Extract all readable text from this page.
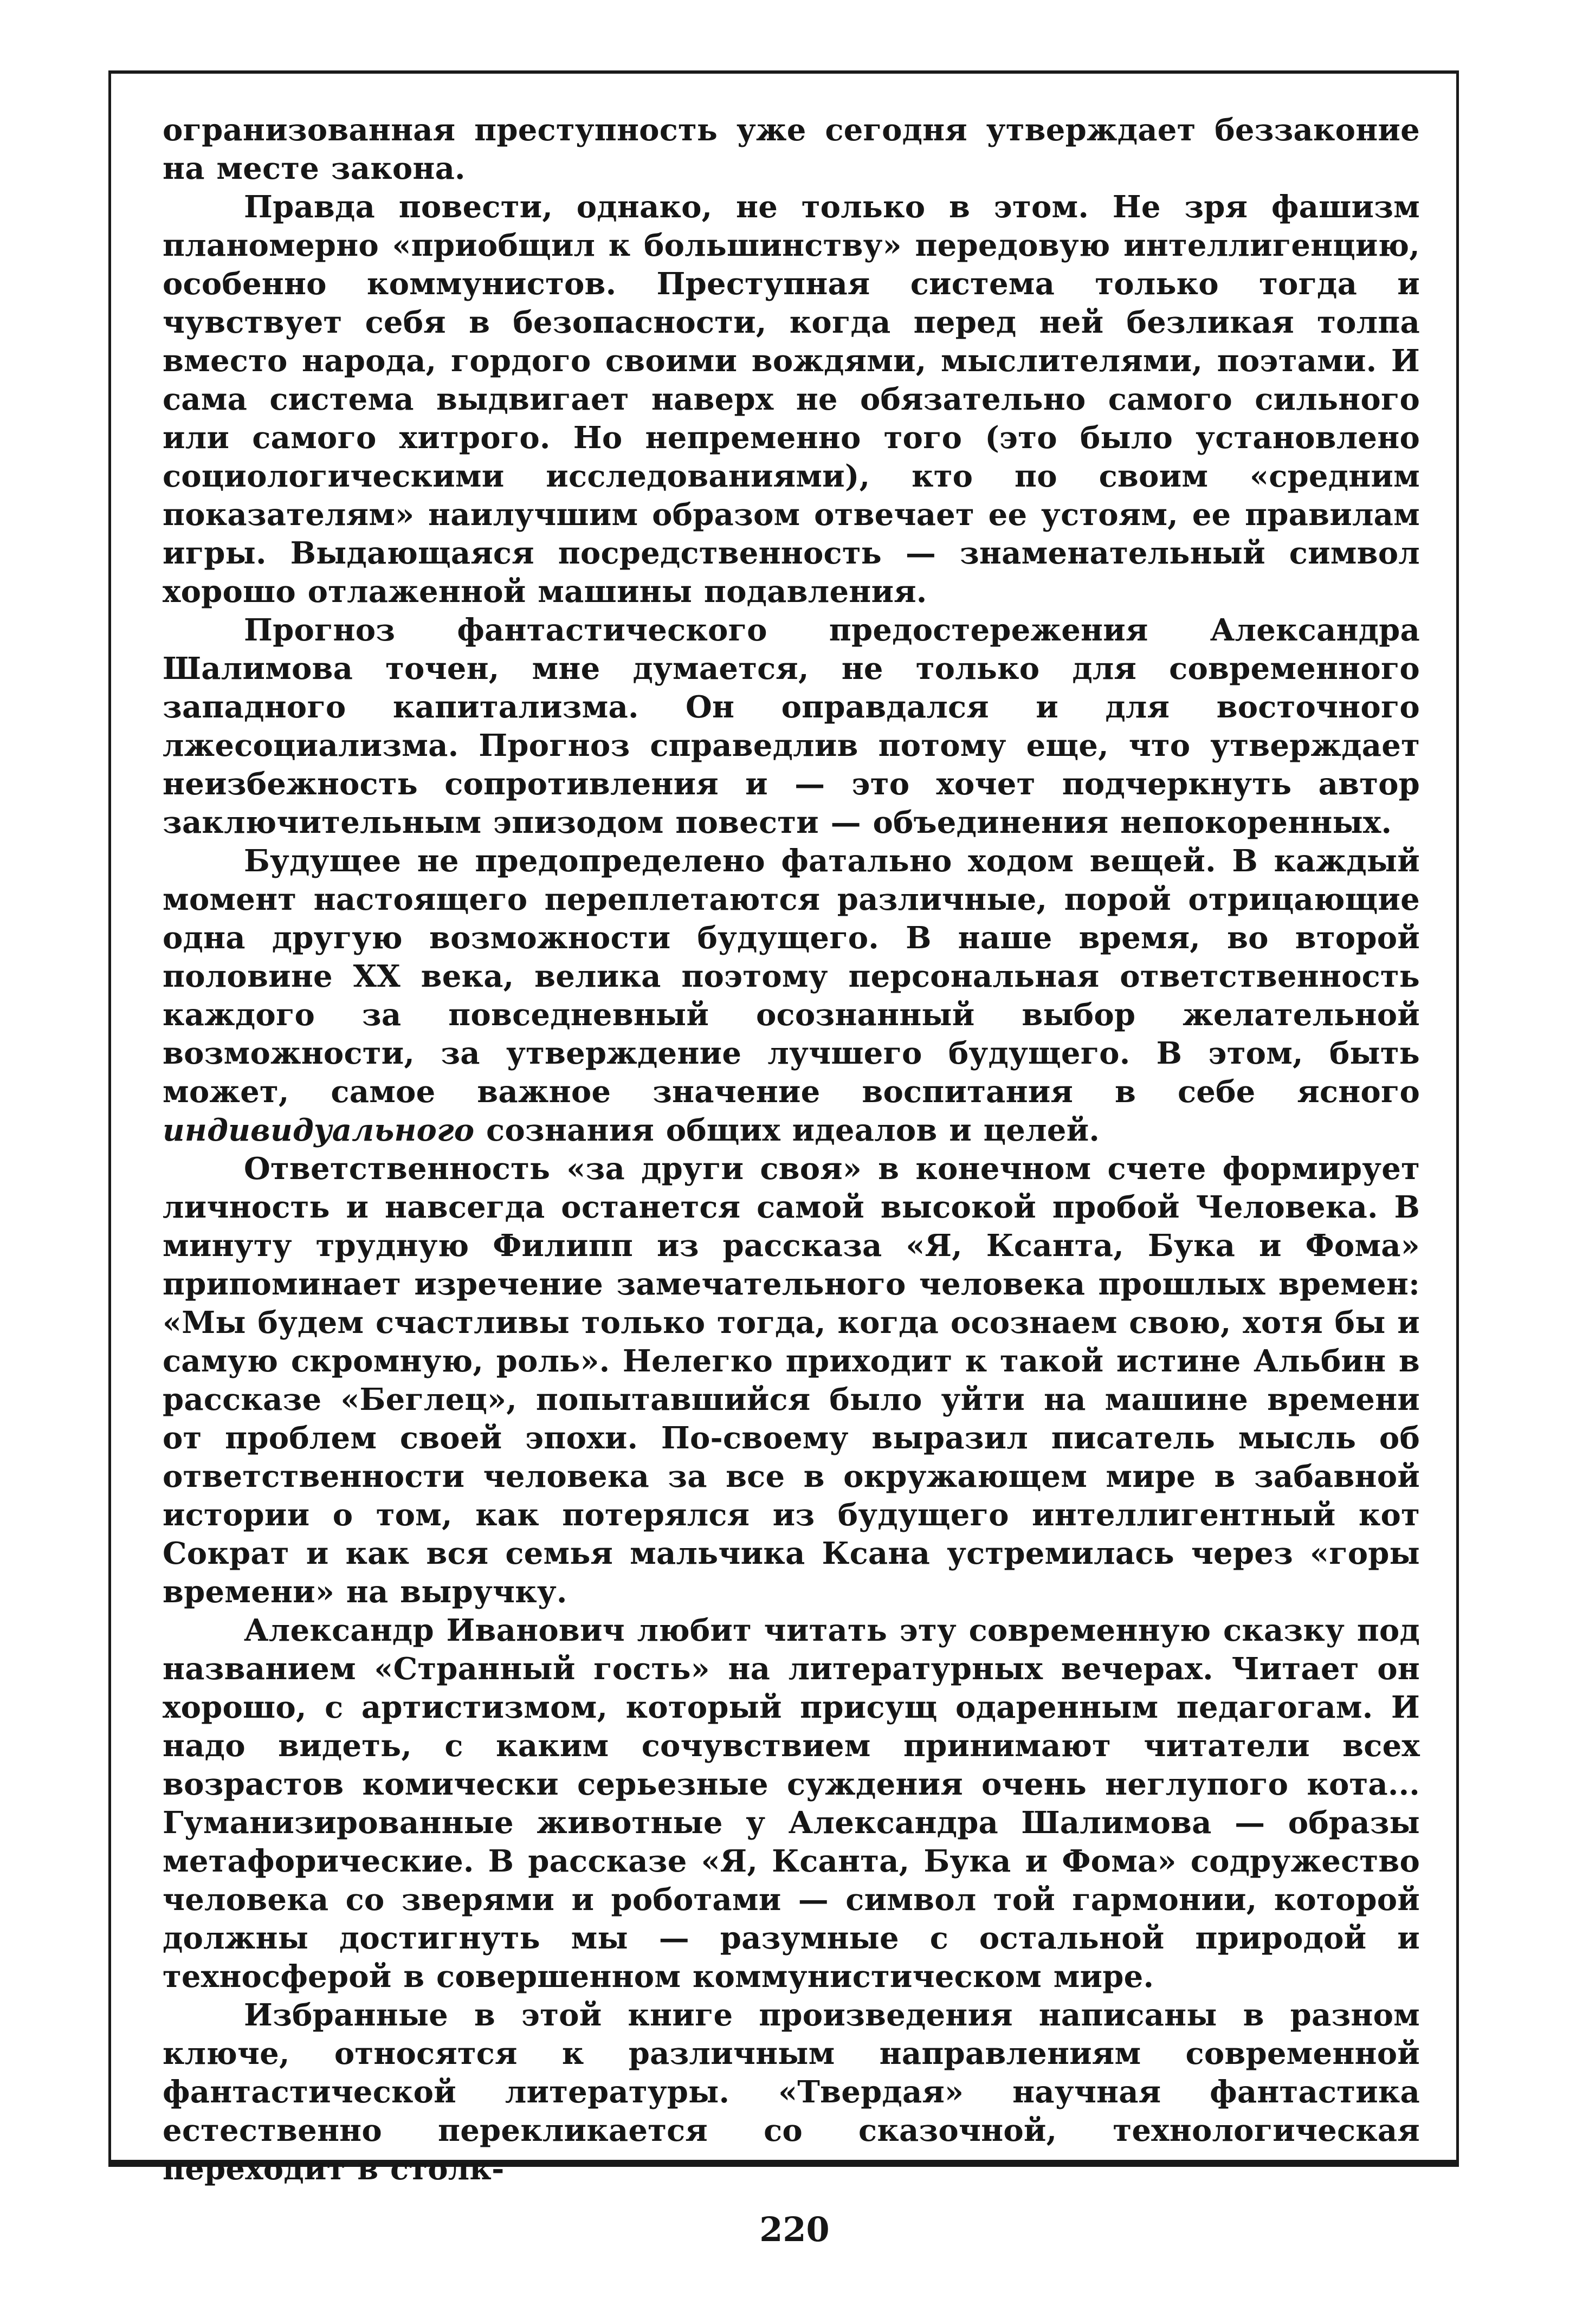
огранизованная преступность уже сегодня утверждает беззаконие на месте закона.

Правда повести, однако, не только в этом. Не зря фашизм планомерно «приобщил к большинству» передовую интеллигенцию, особенно коммунистов. Преступная система только тогда и чувствует себя в безопасности, когда перед ней безликая толпа вместо народа, гордого своими вождями, мыслителями, поэтами. И сама система выдвигает наверх не обязательно самого сильного или самого хитрого. Но непременно того (это было установлено социологическими исследованиями), кто по своим «средним показателям» наилучшим образом отвечает ее устоям, ее правилам игры. Выдающаяся посредственность — знаменательный символ хорошо отлаженной машины подавления.

Прогноз фантастического предостережения Александра Шалимова точен, мне думается, не только для современного западного капитализма. Он оправдался и для восточного лжесоциализма. Прогноз справедлив потому еще, что утверждает неизбежность сопротивления и — это хочет подчеркнуть автор заключительным эпизодом повести — объединения непокоренных.

Будущее не предопределено фатально ходом вещей. В каждый момент настоящего переплетаются различные, порой отрицающие одна другую возможности будущего. В наше время, во второй половине XX века, велика поэтому персональная ответственность каждого за повседневный осознанный выбор желательной возможности, за утверждение лучшего будущего. В этом, быть может, самое важное значение воспитания в себе ясного индивидуального сознания общих идеалов и целей.

Ответственность «за други своя» в конечном счете формирует личность и навсегда останется самой высокой пробой Человека. В минуту трудную Филипп из рассказа «Я, Ксанта, Бука и Фома» припоминает изречение замечательного человека прошлых времен: «Мы будем счастливы только тогда, когда осознаем свою, хотя бы и самую скромную, роль». Нелегко приходит к такой истине Альбин в рассказе «Беглец», попытавшийся было уйти на машине времени от проблем своей эпохи. По-своему выразил писатель мысль об ответственности человека за все в окружающем мире в забавной истории о том, как потерялся из будущего интеллигентный кот Сократ и как вся семья мальчика Ксана устремилась через «горы времени» на выручку.

Александр Иванович любит читать эту современную сказку под названием «Странный гость» на литературных вечерах. Читает он хорошо, с артистизмом, который присущ одаренным педагогам. И надо видеть, с каким сочувствием принимают читатели всех возрастов комически серьезные суждения очень неглупого кота... Гуманизированные животные у Александра Шалимова — образы метафорические. В рассказе «Я, Ксанта, Бука и Фома» содружество человека со зверями и роботами — символ той гармонии, которой должны достигнуть мы — разумные с остальной природой и техносферой в совершенном коммунистическом мире.

Избранные в этой книге произведения написаны в разном ключе, относятся к различным направлениям современной фантастической литературы. «Твердая» научная фантастика естественно перекликается со сказочной, технологическая переходит в столк-

220
